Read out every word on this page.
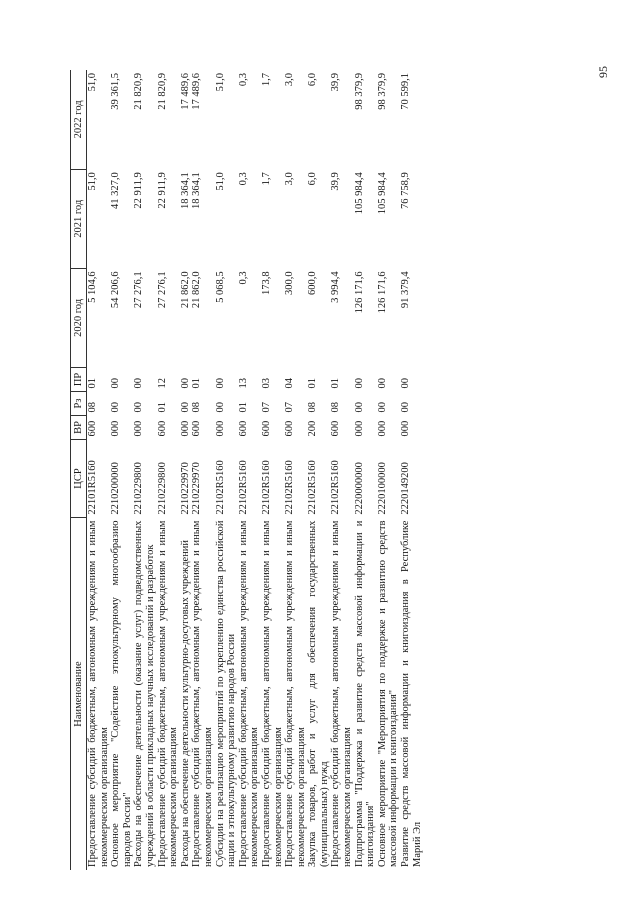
95
Наименование	ЦСР	ВР	Рз	ПР	2020 год	2021 год	2022 год
Предоставление субсидий бюджетным, автономным учреждениям и иным некоммерческим организациям	22101R5160	600	08	01	5 104,6	51,0	51,0
Основное мероприятие "Содействие этнокультурному многообразию народов России"	2210200000	000	00	00	54 206,6	41 327,0	39 361,5
Расходы на обеспечение деятельности (оказание услуг) подведомственных учреждений в области прикладных научных исследований и разработок	2210229800	000	00	00	27 276,1	22 911,9	21 820,9
Предоставление субсидий бюджетным, автономным учреждениям и иным некоммерческим организациям	2210229800	600	01	12	27 276,1	22 911,9	21 820,9
Расходы на обеспечение деятельности культурно-досуговых учреждений	2210229970	000	00	00	21 862,0	18 364,1	17 489,6
Предоставление субсидий бюджетным, автономным учреждениям и иным некоммерческим организациям	2210229970	600	08	01	21 862,0	18 364,1	17 489,6
Субсидии на реализацию мероприятий по укреплению единства российской нации и этнокультурному развитию народов России	22102R5160	000	00	00	5 068,5	51,0	51,0
Предоставление субсидий бюджетным, автономным учреждениям и иным некоммерческим организациям	22102R5160	600	01	13	0,3	0,3	0,3
Предоставление субсидий бюджетным, автономным учреждениям и иным некоммерческим организациям	22102R5160	600	07	03	173,8	1,7	1,7
Предоставление субсидий бюджетным, автономным учреждениям и иным некоммерческим организациям	22102R5160	600	07	04	300,0	3,0	3,0
Закупка товаров, работ и услуг для обеспечения государственных (муниципальных) нужд	22102R5160	200	08	01	600,0	6,0	6,0
Предоставление субсидий бюджетным, автономным учреждениям и иным некоммерческим организациям	22102R5160	600	08	01	3 994,4	39,9	39,9
Подпрограмма "Поддержка и развитие средств массовой информации и книгоиздания"	2220000000	000	00	00	126 171,6	105 984,4	98 379,9
Основное мероприятие "Мероприятия по поддержке и развитию средств массовой информации и книгоиздания"	2220100000	000	00	00	126 171,6	105 984,4	98 379,9
Развитие средств массовой информации и книгоиздания в Республике Марий Эл	2220149200	000	00	00	91 379,4	76 758,9	70 599,1
